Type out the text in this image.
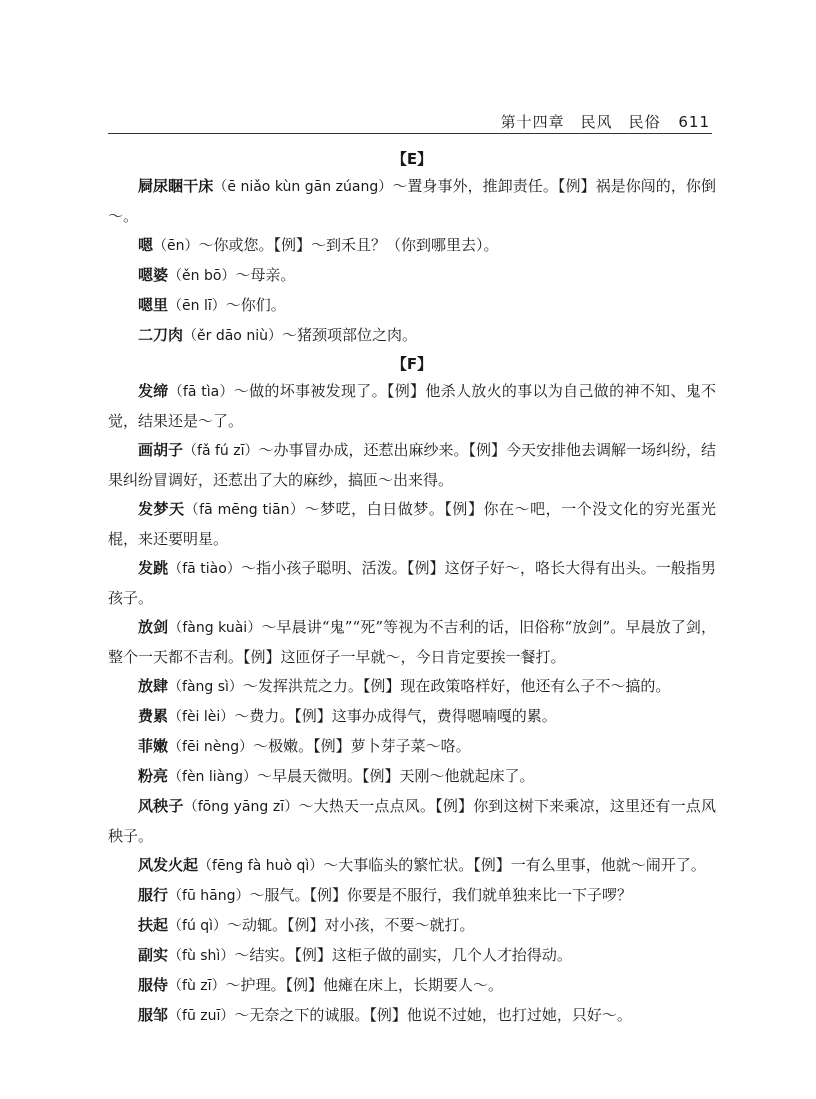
第十四章　民风　民俗 611
【E】

屙尿睏干床（ē niǎo kùn gān zúang）～置身事外，推卸责任。【例】祸是你闯的，你倒～。

嗯（ēn）～你或您。【例】～到禾且？（你到哪里去）。

嗯婆（ěn bō）～母亲。

嗯里（ēn lī）～你们。

二刀肉（ěr dāo niù）～猪颈项部位之肉。

【F】

发缔（fā tìa）～做的坏事被发现了。【例】他杀人放火的事以为自己做的神不知、鬼不觉，结果还是～了。

画胡子（fǎ fú zī）～办事冒办成，还惹出麻纱来。【例】今天安排他去调解一场纠纷，结果纠纷冒调好，还惹出了大的麻纱，搞匝～出来得。

发梦天（fā mēng tiān）～梦呓，白日做梦。【例】你在～吧，一个没文化的穷光蛋光棍，来还要明星。

发跳（fā tiào）～指小孩子聪明、活泼。【例】这伢子好～，咯长大得有出头。一般指男孩子。

放剑（fàng kuài）～早晨讲“鬼”“死”等视为不吉利的话，旧俗称“放剑”。早晨放了剑，整个一天都不吉利。【例】这匝伢子一早就～，今日肯定要挨一餐打。

放肆（fàng sì）～发挥洪荒之力。【例】现在政策咯样好，他还有么子不～搞的。

费累（fèi lèi）～费力。【例】这事办成得气，费得嗯喃嘎的累。

菲嫩（fēi nèng）～极嫩。【例】萝卜芽子菜～咯。

粉亮（fèn liàng）～早晨天微明。【例】天刚～他就起床了。

风秧子（fōng yāng zī）～大热天一点点风。【例】你到这树下来乘凉，这里还有一点风秧子。

风发火起（fēng fà huò qì）～大事临头的繁忙状。【例】一有么里事，他就～闹开了。

服行（fū hāng）～服气。【例】你要是不服行，我们就单独来比一下子啰？

扶起（fú qì）～动辄。【例】对小孩，不要～就打。

副实（fù shì）～结实。【例】这柜子做的副实，几个人才抬得动。

服侍（fù zī）～护理。【例】他瘫在床上，长期要人～。

服邹（fū zuī）～无奈之下的诚服。【例】他说不过她，也打过她，只好～。
